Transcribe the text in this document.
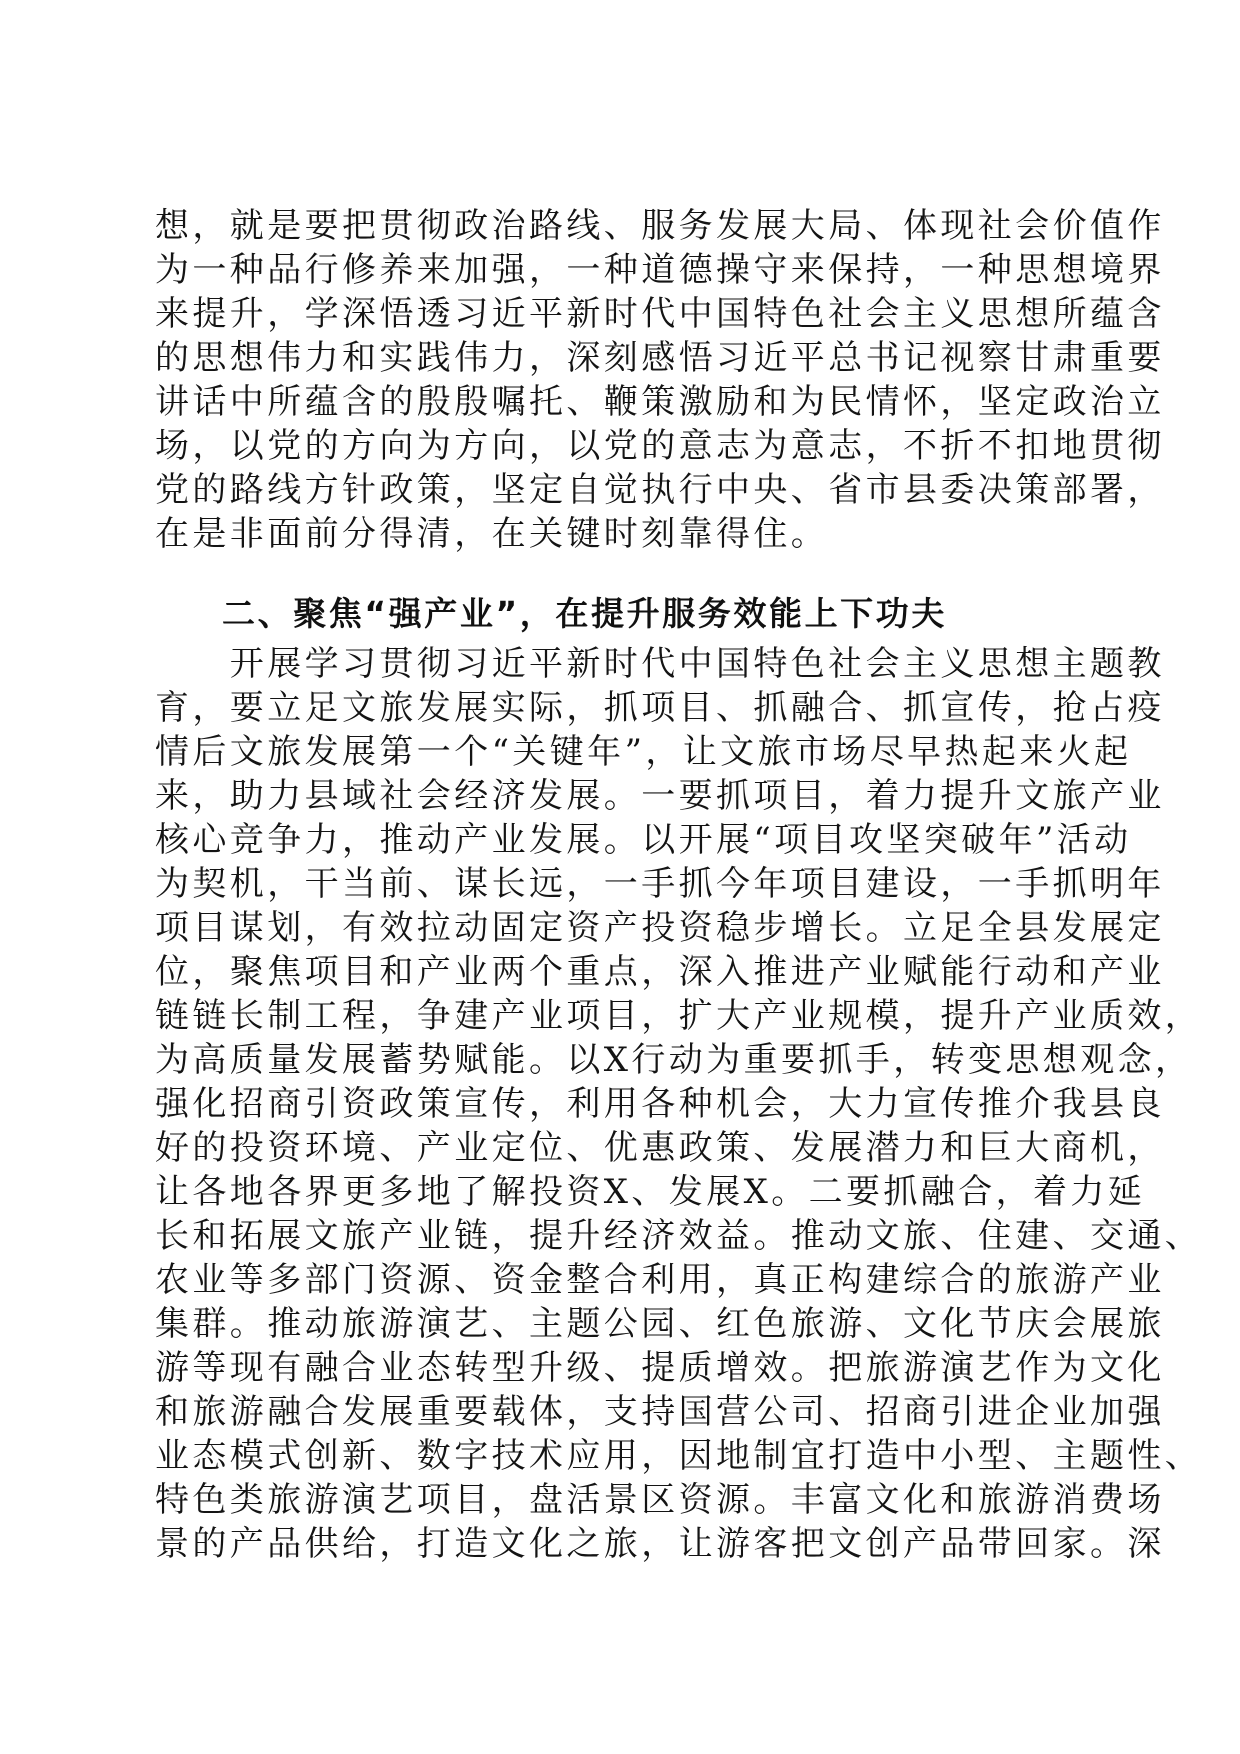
想，就是要把贯彻政治路线、服务发展大局、体现社会价值作
为一种品行修养来加强，一种道德操守来保持，一种思想境界
来提升，学深悟透习近平新时代中国特色社会主义思想所蕴含
的思想伟力和实践伟力，深刻感悟习近平总书记视察甘肃重要
讲话中所蕴含的殷殷嘱托、鞭策激励和为民情怀，坚定政治立
场，以党的方向为方向，以党的意志为意志，不折不扣地贯彻
党的路线方针政策，坚定自觉执行中央、省市县委决策部署，
在是非面前分得清，在关键时刻靠得住。
二、聚焦“强产业”，在提升服务效能上下功夫
　　开展学习贯彻习近平新时代中国特色社会主义思想主题教
育，要立足文旅发展实际，抓项目、抓融合、抓宣传，抢占疫
情后文旅发展第一个“关键年”，让文旅市场尽早热起来火起
来，助力县域社会经济发展。一要抓项目，着力提升文旅产业
核心竞争力，推动产业发展。以开展“项目攻坚突破年”活动
为契机，干当前、谋长远，一手抓今年项目建设，一手抓明年
项目谋划，有效拉动固定资产投资稳步增长。立足全县发展定
位，聚焦项目和产业两个重点，深入推进产业赋能行动和产业
链链长制工程，争建产业项目，扩大产业规模，提升产业质效，
为高质量发展蓄势赋能。以X行动为重要抓手，转变思想观念，
强化招商引资政策宣传，利用各种机会，大力宣传推介我县良
好的投资环境、产业定位、优惠政策、发展潜力和巨大商机，
让各地各界更多地了解投资X、发展X。二要抓融合，着力延
长和拓展文旅产业链，提升经济效益。推动文旅、住建、交通、
农业等多部门资源、资金整合利用，真正构建综合的旅游产业
集群。推动旅游演艺、主题公园、红色旅游、文化节庆会展旅
游等现有融合业态转型升级、提质增效。把旅游演艺作为文化
和旅游融合发展重要载体，支持国营公司、招商引进企业加强
业态模式创新、数字技术应用，因地制宜打造中小型、主题性、
特色类旅游演艺项目，盘活景区资源。丰富文化和旅游消费场
景的产品供给，打造文化之旅，让游客把文创产品带回家。深
